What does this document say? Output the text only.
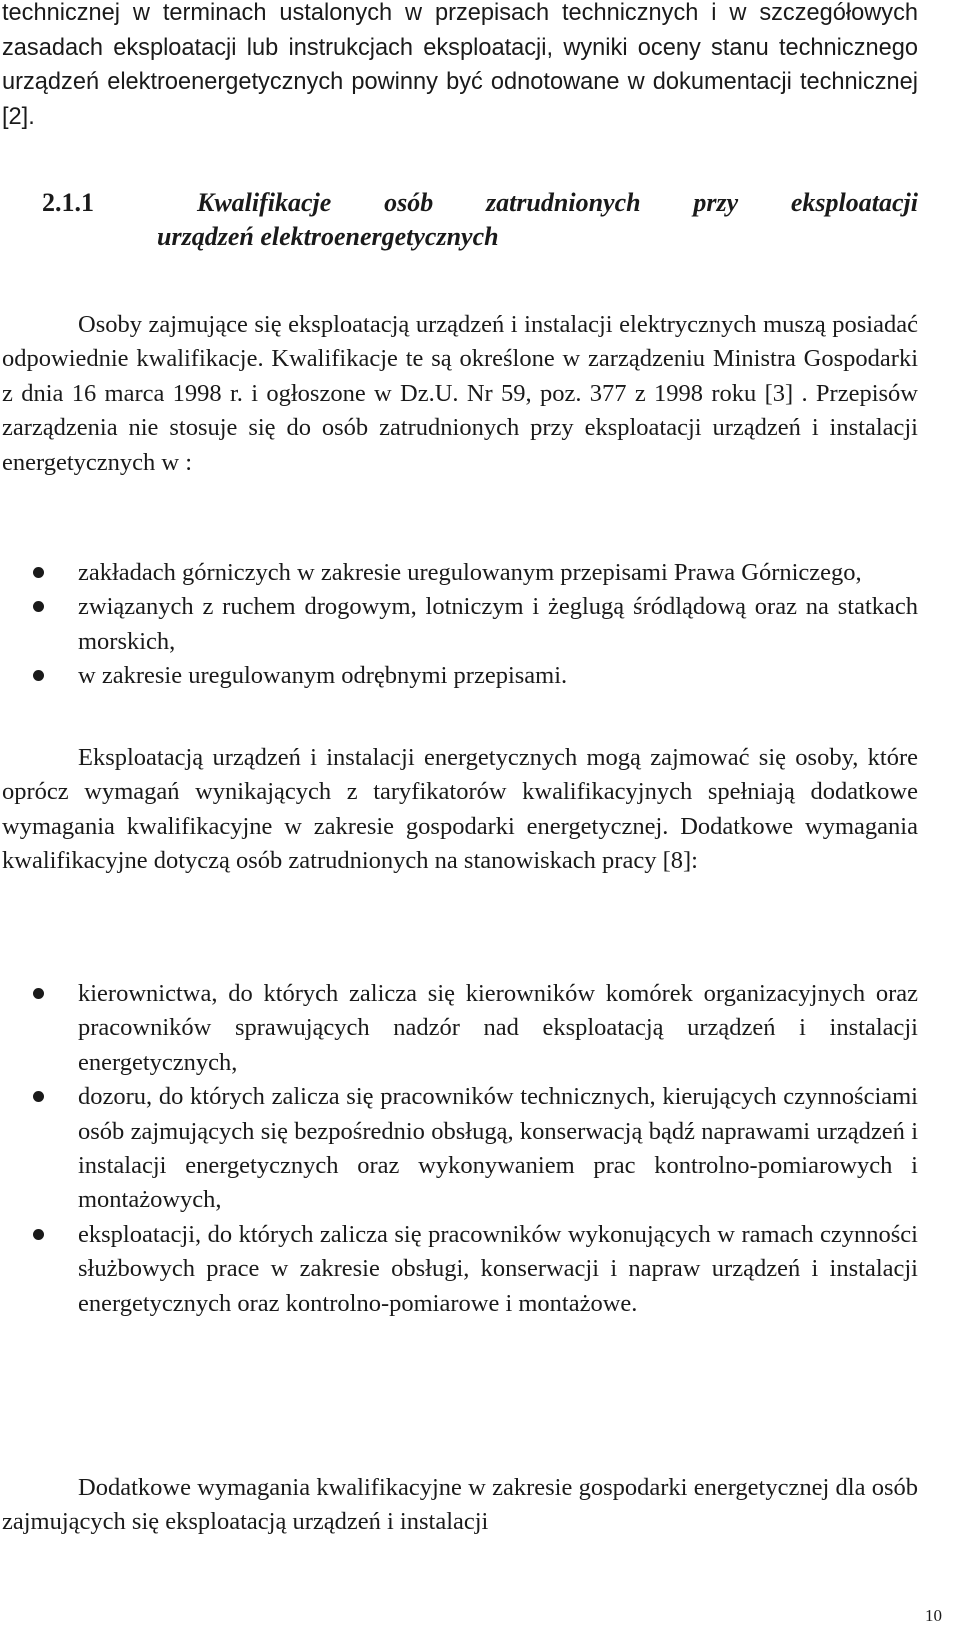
technicznej w terminach ustalonych w przepisach technicznych i w szczegółowych zasadach eksploatacji lub instrukcjach eksploatacji, wyniki oceny stanu technicznego urządzeń elektroenergetycznych powinny być odnotowane w dokumentacji technicznej [2].
2.1.1	Kwalifikacje osób zatrudnionych przy eksploatacji
urządzeń elektroenergetycznych
Osoby zajmujące się eksploatacją urządzeń i instalacji elektrycznych muszą posiadać odpowiednie kwalifikacje. Kwalifikacje te są określone w zarządzeniu Ministra Gospodarki z dnia 16 marca 1998 r. i ogłoszone w Dz.U. Nr 59, poz. 377 z 1998 roku [3] . Przepisów zarządzenia nie stosuje się do osób zatrudnionych przy eksploatacji urządzeń i instalacji energetycznych w :
zakładach górniczych w zakresie uregulowanym przepisami Prawa Górniczego,
związanych z ruchem drogowym, lotniczym i żeglugą śródlądową oraz na statkach morskich,
w zakresie uregulowanym odrębnymi przepisami.
Eksploatacją urządzeń i instalacji energetycznych mogą zajmować się osoby, które oprócz wymagań wynikających z taryfikatorów kwalifikacyjnych spełniają dodatkowe wymagania kwalifikacyjne w zakresie gospodarki energetycznej. Dodatkowe wymagania kwalifikacyjne dotyczą osób zatrudnionych na stanowiskach pracy [8]:
kierownictwa, do których zalicza się kierowników komórek organizacyjnych oraz pracowników sprawujących nadzór nad eksploatacją urządzeń i instalacji energetycznych,
dozoru, do których zalicza się pracowników technicznych, kierujących czynnościami osób zajmujących się bezpośrednio obsługą, konserwacją bądź naprawami urządzeń i instalacji energetycznych oraz wykonywaniem prac kontrolno-pomiarowych i montażowych,
eksploatacji, do których zalicza się pracowników wykonujących w ramach czynności służbowych prace w zakresie obsługi, konserwacji i napraw urządzeń i instalacji energetycznych oraz kontrolno-pomiarowe i montażowe.
Dodatkowe wymagania kwalifikacyjne w zakresie gospodarki energetycznej dla osób zajmujących się eksploatacją urządzeń i instalacji
10
